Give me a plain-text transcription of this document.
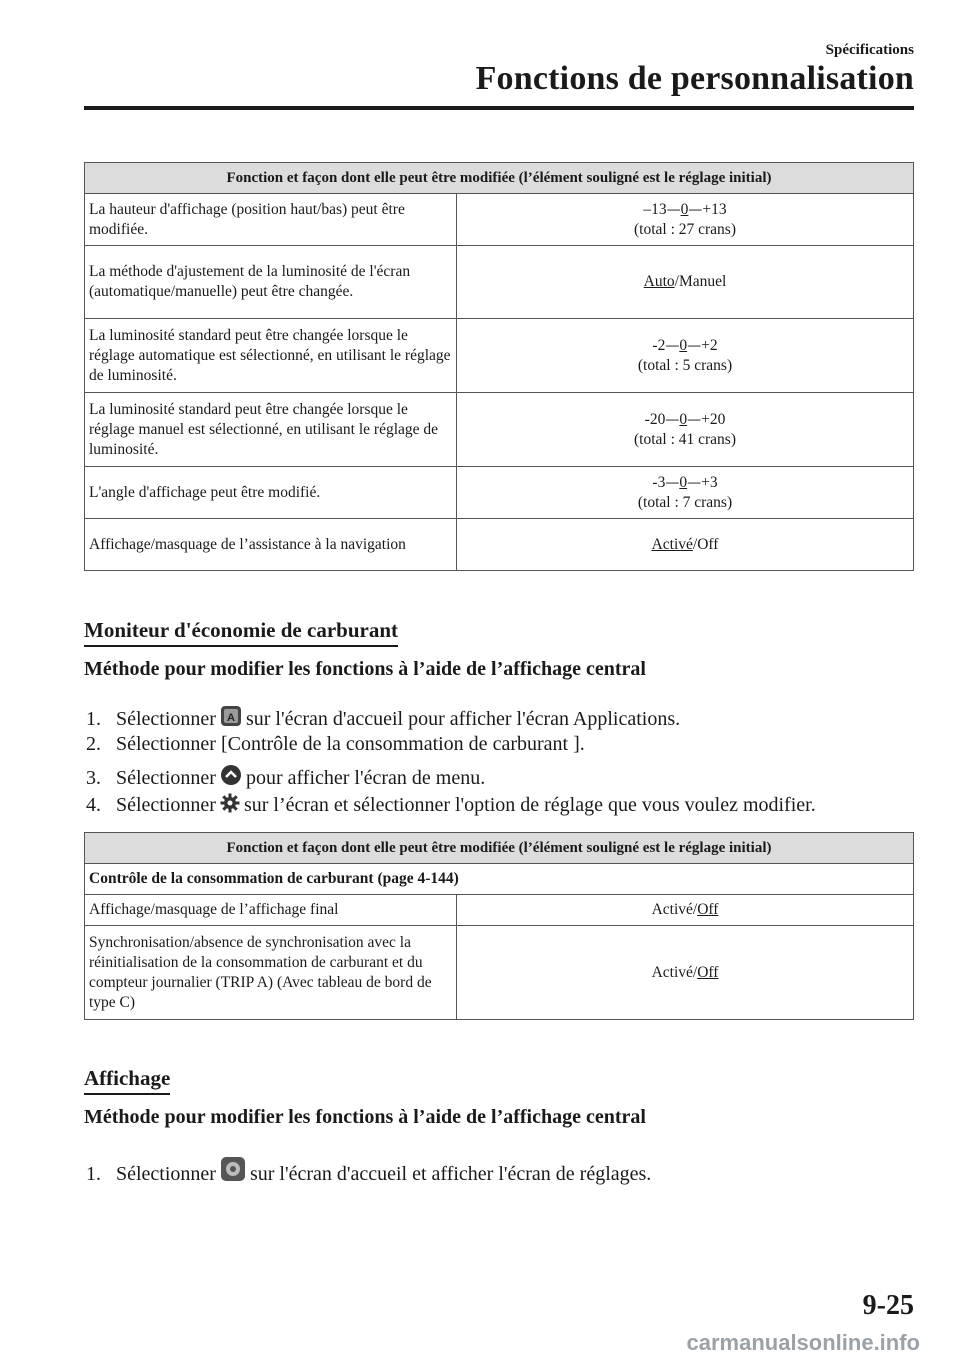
Spécifications
Fonctions de personnalisation
Fonction et façon dont elle peut être modifiée (l’élément souligné est le réglage initial)	
La hauteur d'affichage (position haut/bas) peut être modifiée.	–13—0—+13
(total : 27 crans)
La méthode d'ajustement de la luminosité de l'écran (automatique/manuelle) peut être changée.	Auto/Manuel
La luminosité standard peut être changée lorsque le réglage automatique est sélectionné, en utilisant le réglage de luminosité.	-2—0—+2
(total : 5 crans)
La luminosité standard peut être changée lorsque le réglage manuel est sélectionné, en utilisant le réglage de luminosité.	-20—0—+20
(total : 41 crans)
L'angle d'affichage peut être modifié.	-3—0—+3
(total : 7 crans)
Affichage/masquage de l’assistance à la navigation	Activé/Off
Moniteur d'économie de carburant
Méthode pour modifier les fonctions à l’aide de l’affichage central
1. Sélectionner A sur l'écran d'accueil pour afficher l'écran Applications.
2. Sélectionner [Contrôle de la consommation de carburant ].
3. Sélectionner pour afficher l'écran de menu.
4. Sélectionner sur l’écran et sélectionner l'option de réglage que vous voulez modifier.
Fonction et façon dont elle peut être modifiée (l’élément souligné est le réglage initial)	
Contrôle de la consommation de carburant (page 4-144)	
Affichage/masquage de l’affichage final	Activé/Off
Synchronisation/absence de synchronisation avec la réinitialisation de la consommation de carburant et du compteur journalier (TRIP A) (Avec tableau de bord de type C)	Activé/Off
Affichage
Méthode pour modifier les fonctions à l’aide de l’affichage central
1. Sélectionner sur l'écran d'accueil et afficher l'écran de réglages.
9-25
carmanualsonline.info
